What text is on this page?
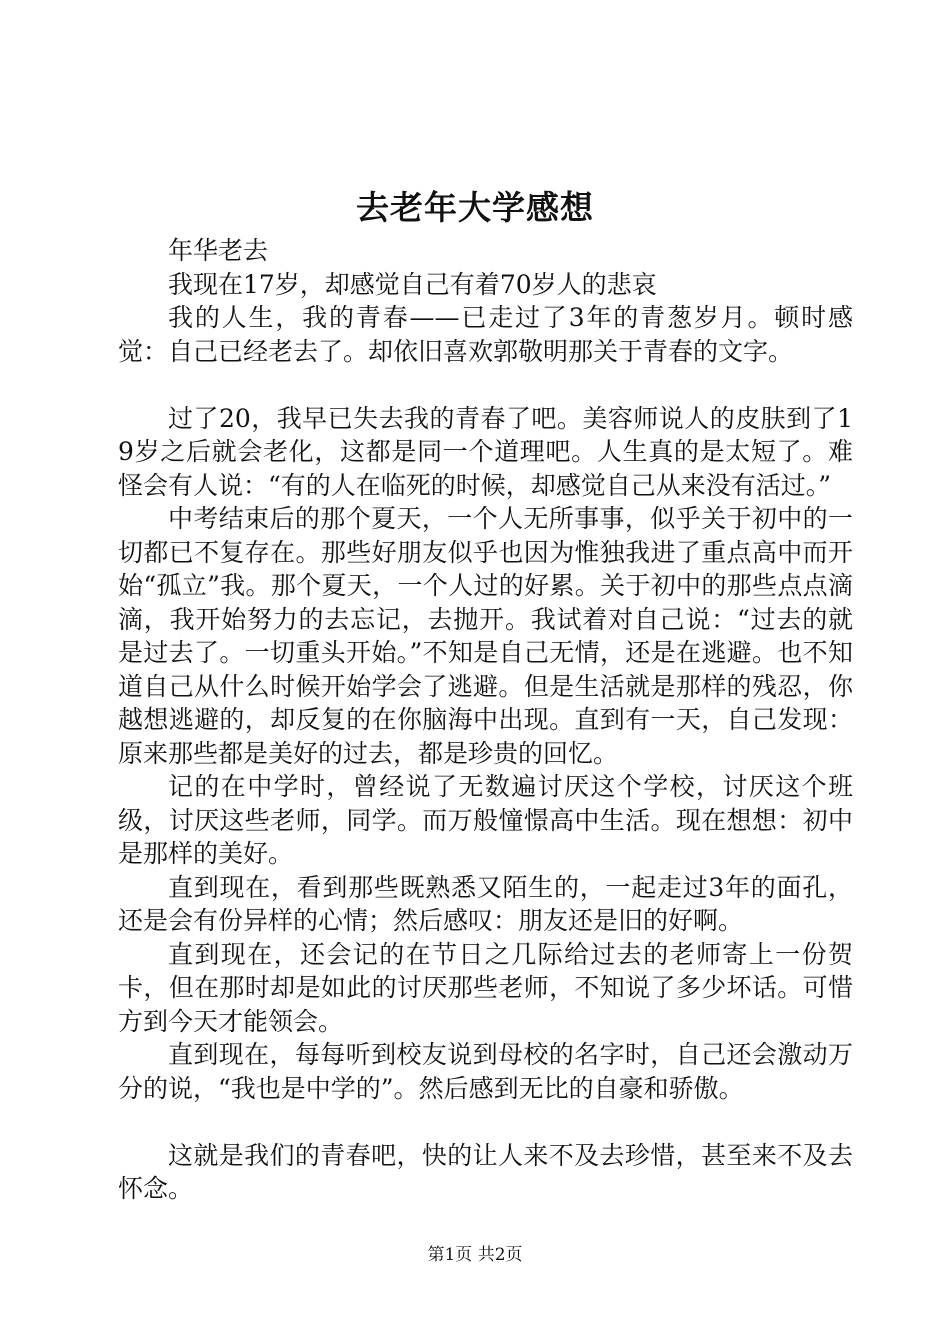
去老年大学感想

年华老去

我现在17岁，却感觉自己有着70岁人的悲哀

我的人生，我的青春——已走过了3年的青葱岁月。顿时感觉：自己已经老去了。却依旧喜欢郭敬明那关于青春的文字。

过了20，我早已失去我的青春了吧。美容师说人的皮肤到了19岁之后就会老化，这都是同一个道理吧。人生真的是太短了。难怪会有人说：“有的人在临死的时候，却感觉自己从来没有活过。”

中考结束后的那个夏天，一个人无所事事，似乎关于初中的一切都已不复存在。那些好朋友似乎也因为惟独我进了重点高中而开始“孤立”我。那个夏天，一个人过的好累。关于初中的那些点点滴滴，我开始努力的去忘记，去抛开。我试着对自己说：“过去的就是过去了。一切重头开始。”不知是自己无情，还是在逃避。也不知道自己从什么时候开始学会了逃避。但是生活就是那样的残忍，你越想逃避的，却反复的在你脑海中出现。直到有一天，自己发现：原来那些都是美好的过去，都是珍贵的回忆。

记的在中学时，曾经说了无数遍讨厌这个学校，讨厌这个班级，讨厌这些老师，同学。而万般憧憬高中生活。现在想想：初中是那样的美好。

直到现在，看到那些既熟悉又陌生的，一起走过3年的面孔，还是会有份异样的心情；然后感叹：朋友还是旧的好啊。

直到现在，还会记的在节日之几际给过去的老师寄上一份贺卡，但在那时却是如此的讨厌那些老师，不知说了多少坏话。可惜方到今天才能领会。

直到现在，每每听到校友说到母校的名字时，自己还会激动万分的说，“我也是中学的”。然后感到无比的自豪和骄傲。

这就是我们的青春吧，快的让人来不及去珍惜，甚至来不及去怀念。

第1页 共2页
